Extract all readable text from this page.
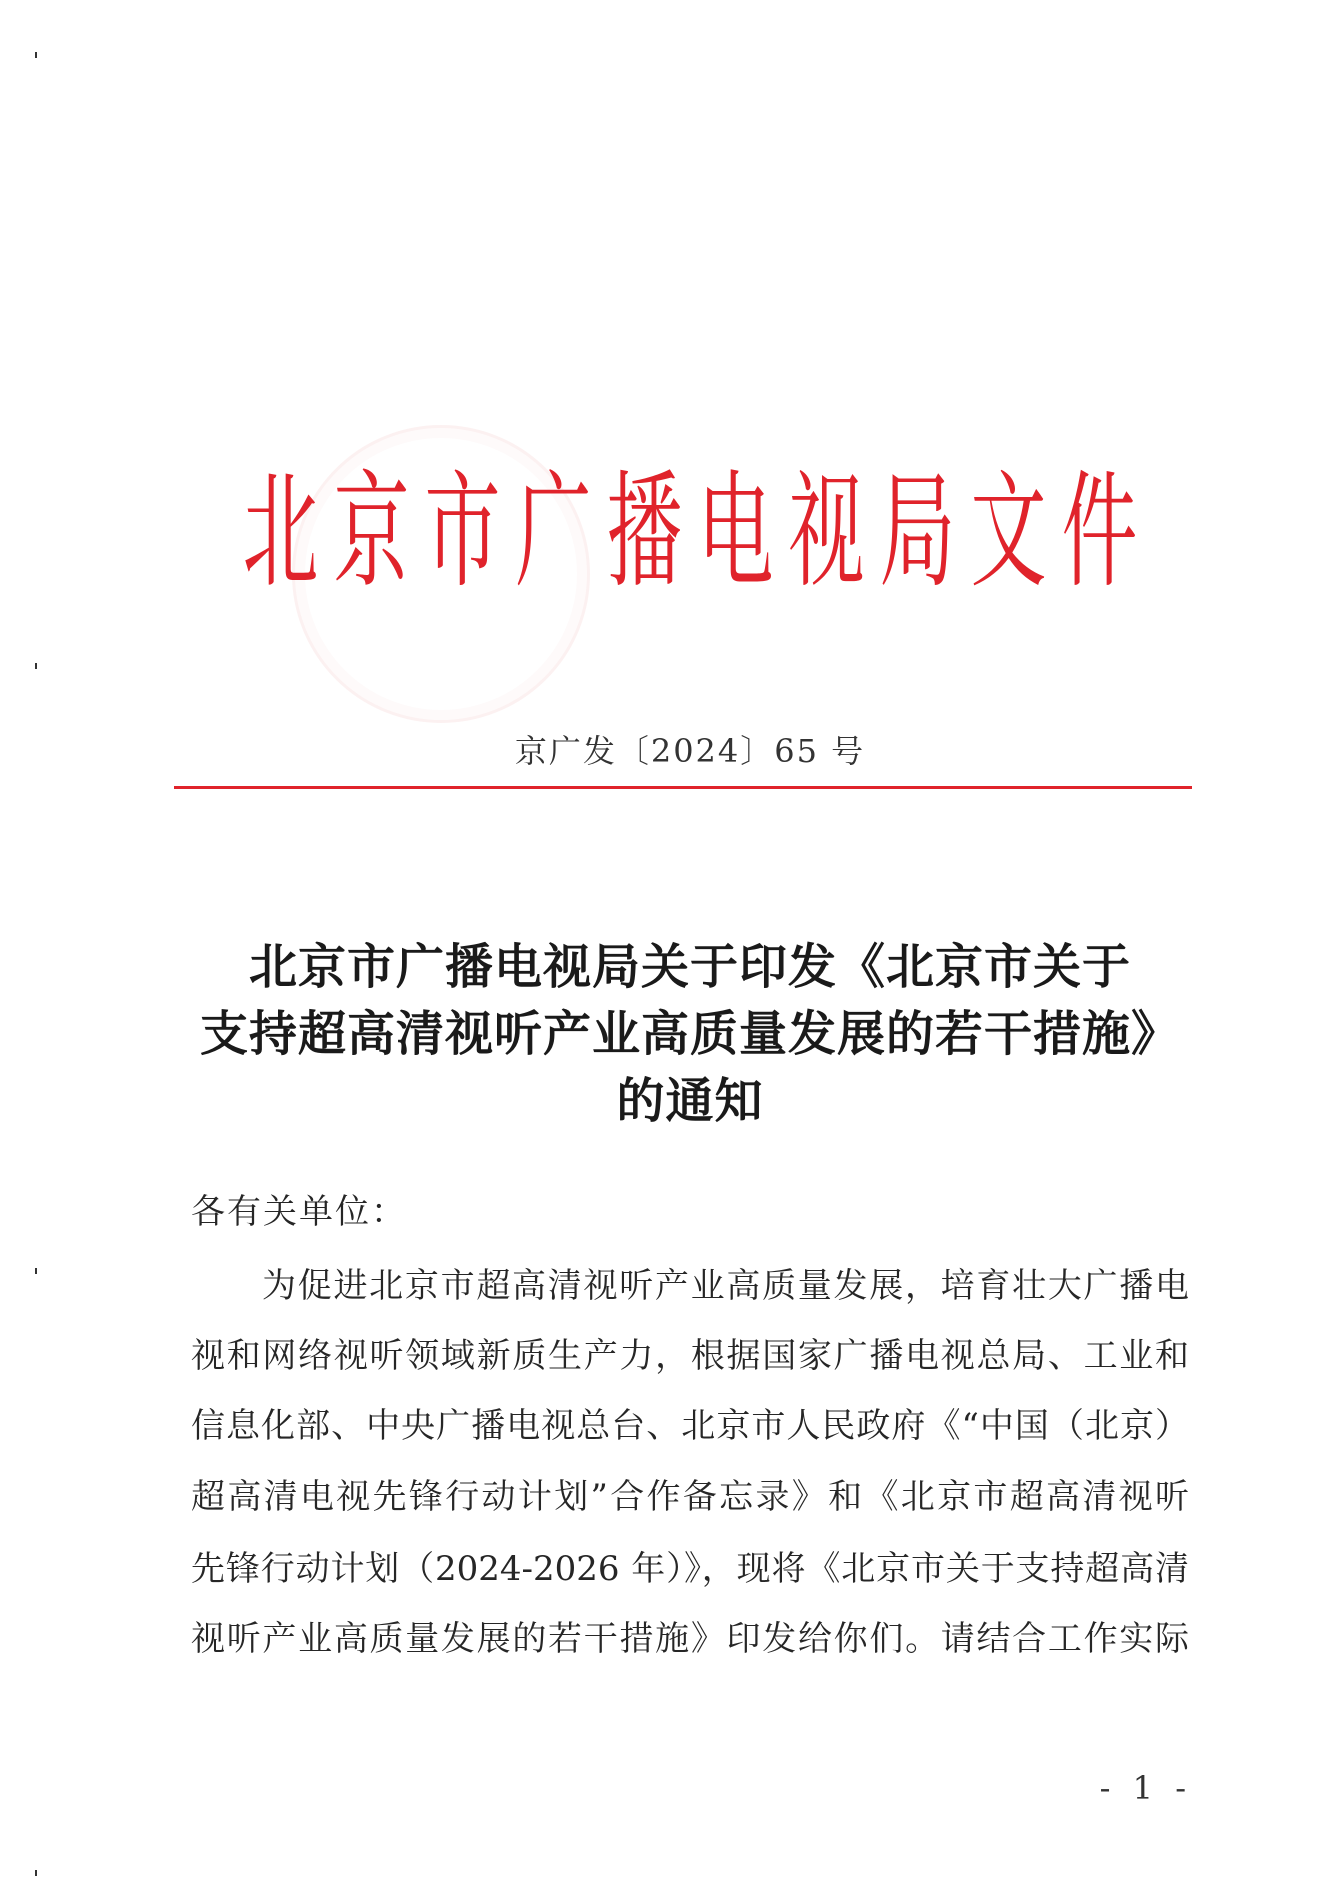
北京市广播电视局文件
京广发〔2024〕65 号
北京市广播电视局关于印发《北京市关于
支持超高清视听产业高质量发展的若干措施》
的通知
各有关单位：
为促进北京市超高清视听产业高质量发展，培育壮大广播电
视和网络视听领域新质生产力，根据国家广播电视总局、工业和
信息化部、中央广播电视总台、北京市人民政府《“中国（北京）
超高清电视先锋行动计划”合作备忘录》和《北京市超高清视听
先锋行动计划（2024-2026 年）》，现将《北京市关于支持超高清
视听产业高质量发展的若干措施》印发给你们。请结合工作实际
- 1 -
